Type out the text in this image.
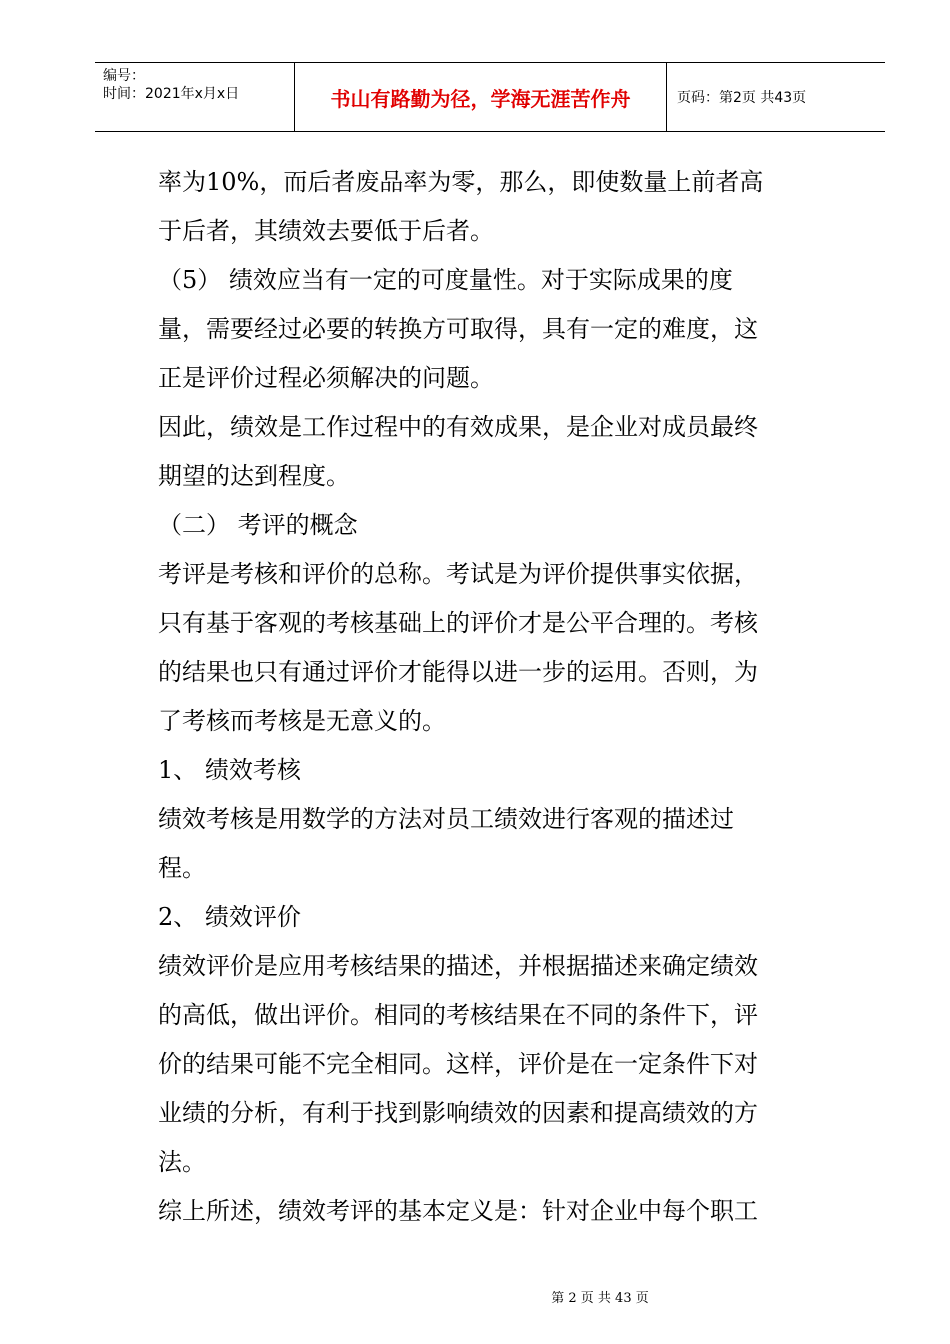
编号：
时间：2021年x月x日	书山有路勤为径，学海无涯苦作舟	页码：第2页 共43页
率为10%，而后者废品率为零，那么，即使数量上前者高
于后者，其绩效去要低于后者。
（5） 绩效应当有一定的可度量性。对于实际成果的度
量，需要经过必要的转换方可取得，具有一定的难度，这
正是评价过程必须解决的问题。
因此，绩效是工作过程中的有效成果，是企业对成员最终
期望的达到程度。
（二） 考评的概念
考评是考核和评价的总称。考试是为评价提供事实依据，
只有基于客观的考核基础上的评价才是公平合理的。考核
的结果也只有通过评价才能得以进一步的运用。否则，为
了考核而考核是无意义的。
1、 绩效考核
绩效考核是用数学的方法对员工绩效进行客观的描述过
程。
2、 绩效评价
绩效评价是应用考核结果的描述，并根据描述来确定绩效
的高低，做出评价。相同的考核结果在不同的条件下，评
价的结果可能不完全相同。这样，评价是在一定条件下对
业绩的分析，有利于找到影响绩效的因素和提高绩效的方
法。
综上所述，绩效考评的基本定义是：针对企业中每个职工
第 2 页 共 43 页
